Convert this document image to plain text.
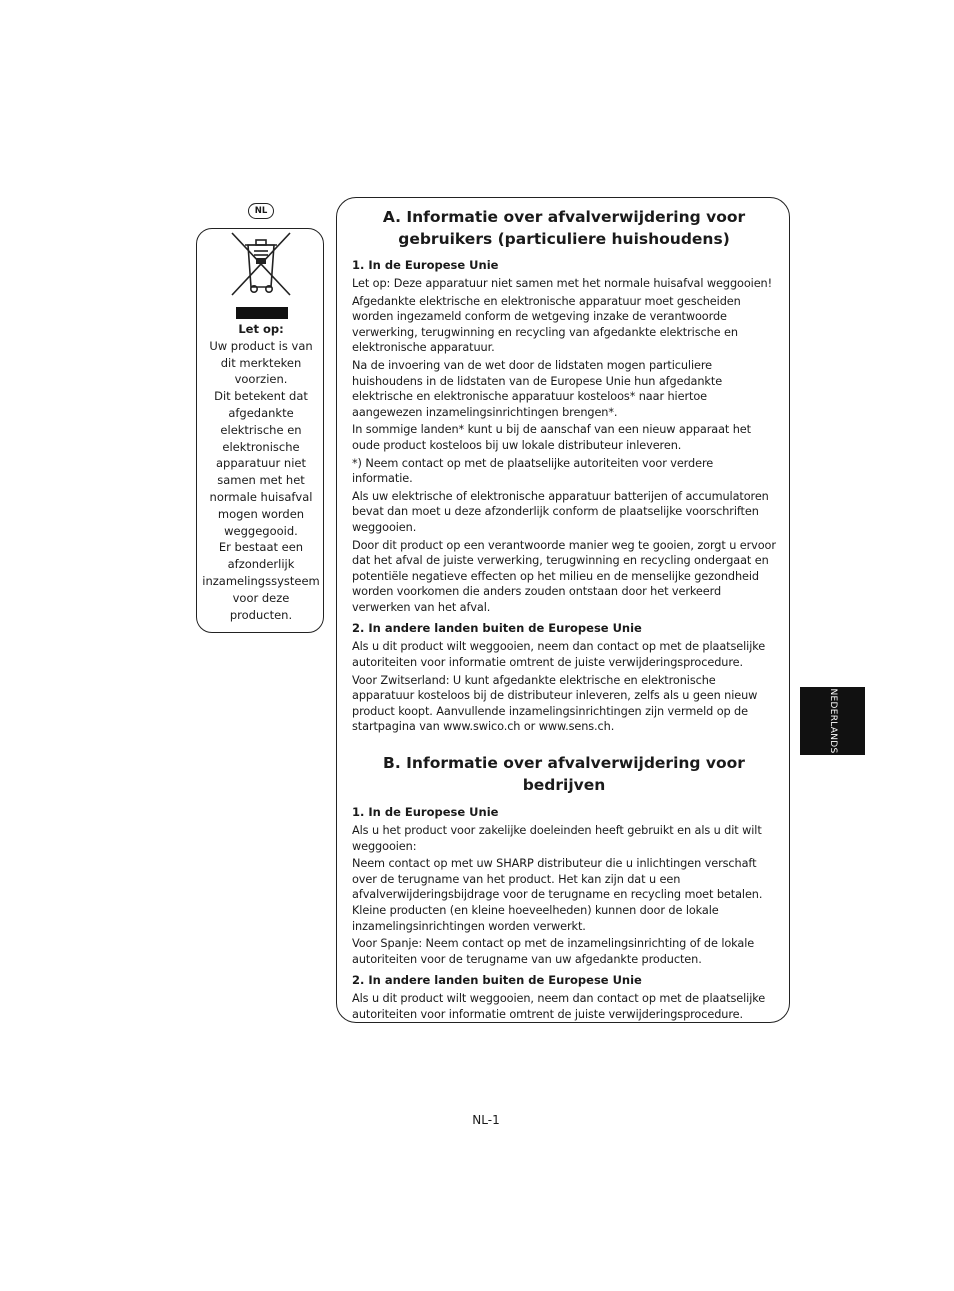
NL

Let op:

Uw product is van

dit merkteken

voorzien.

Dit betekent dat

afgedankte

elektrische en

elektronische

apparatuur niet

samen met het

normale huisafval

mogen worden

weggegooid.

Er bestaat een

afzonderlijk

inzamelingssysteem

voor deze

producten.

A. Informatie over afvalverwijdering voor
gebruikers (particuliere huishoudens)
1. In de Europese Unie

Let op: Deze apparatuur niet samen met het normale huisafval weggooien!

Afgedankte elektrische en elektronische apparatuur moet gescheiden worden ingezameld conform de wetgeving inzake de verantwoorde verwerking, terugwinning en recycling van afgedankte elektrische en elektronische apparatuur.

Na de invoering van de wet door de lidstaten mogen particuliere huishoudens in de lidstaten van de Europese Unie hun afgedankte elektrische en elektronische apparatuur kosteloos* naar hiertoe aangewezen inzamelingsinrichtingen brengen*.

In sommige landen* kunt u bij de aanschaf van een nieuw apparaat het oude product kosteloos bij uw lokale distributeur inleveren.

*) Neem contact op met de plaatselijke autoriteiten voor verdere informatie.

Als uw elektrische of elektronische apparatuur batterijen of accumulatoren bevat dan moet u deze afzonderlijk conform de plaatselijke voorschriften weggooien.

Door dit product op een verantwoorde manier weg te gooien, zorgt u ervoor dat het afval de juiste verwerking, terugwinning en recycling ondergaat en potentiële negatieve effecten op het milieu en de menselijke gezondheid worden voorkomen die anders zouden ontstaan door het verkeerd verwerken van het afval.

2. In andere landen buiten de Europese Unie

Als u dit product wilt weggooien, neem dan contact op met de plaatselijke autoriteiten voor informatie omtrent de juiste verwijderingsprocedure.

Voor Zwitserland: U kunt afgedankte elektrische en elektronische apparatuur kosteloos bij de distributeur inleveren, zelfs als u geen nieuw product koopt. Aanvullende inzamelingsinrichtingen zijn vermeld op de startpagina van www.swico.ch or www.sens.ch.

B. Informatie over afvalverwijdering voor
bedrijven
1. In de Europese Unie

Als u het product voor zakelijke doeleinden heeft gebruikt en als u dit wilt weggooien:

Neem contact op met uw SHARP distributeur die u inlichtingen verschaft over de terugname van het product. Het kan zijn dat u een afvalverwijderingsbijdrage voor de terugname en recycling moet betalen. Kleine producten (en kleine hoeveelheden) kunnen door de lokale inzamelingsinrichtingen worden verwerkt.

Voor Spanje: Neem contact op met de inzamelingsinrichting of de lokale autoriteiten voor de terugname van uw afgedankte producten.

2. In andere landen buiten de Europese Unie

Als u dit product wilt weggooien, neem dan contact op met de plaatselijke autoriteiten voor informatie omtrent de juiste verwijderingsprocedure.

NEDERLANDS
NL-1
